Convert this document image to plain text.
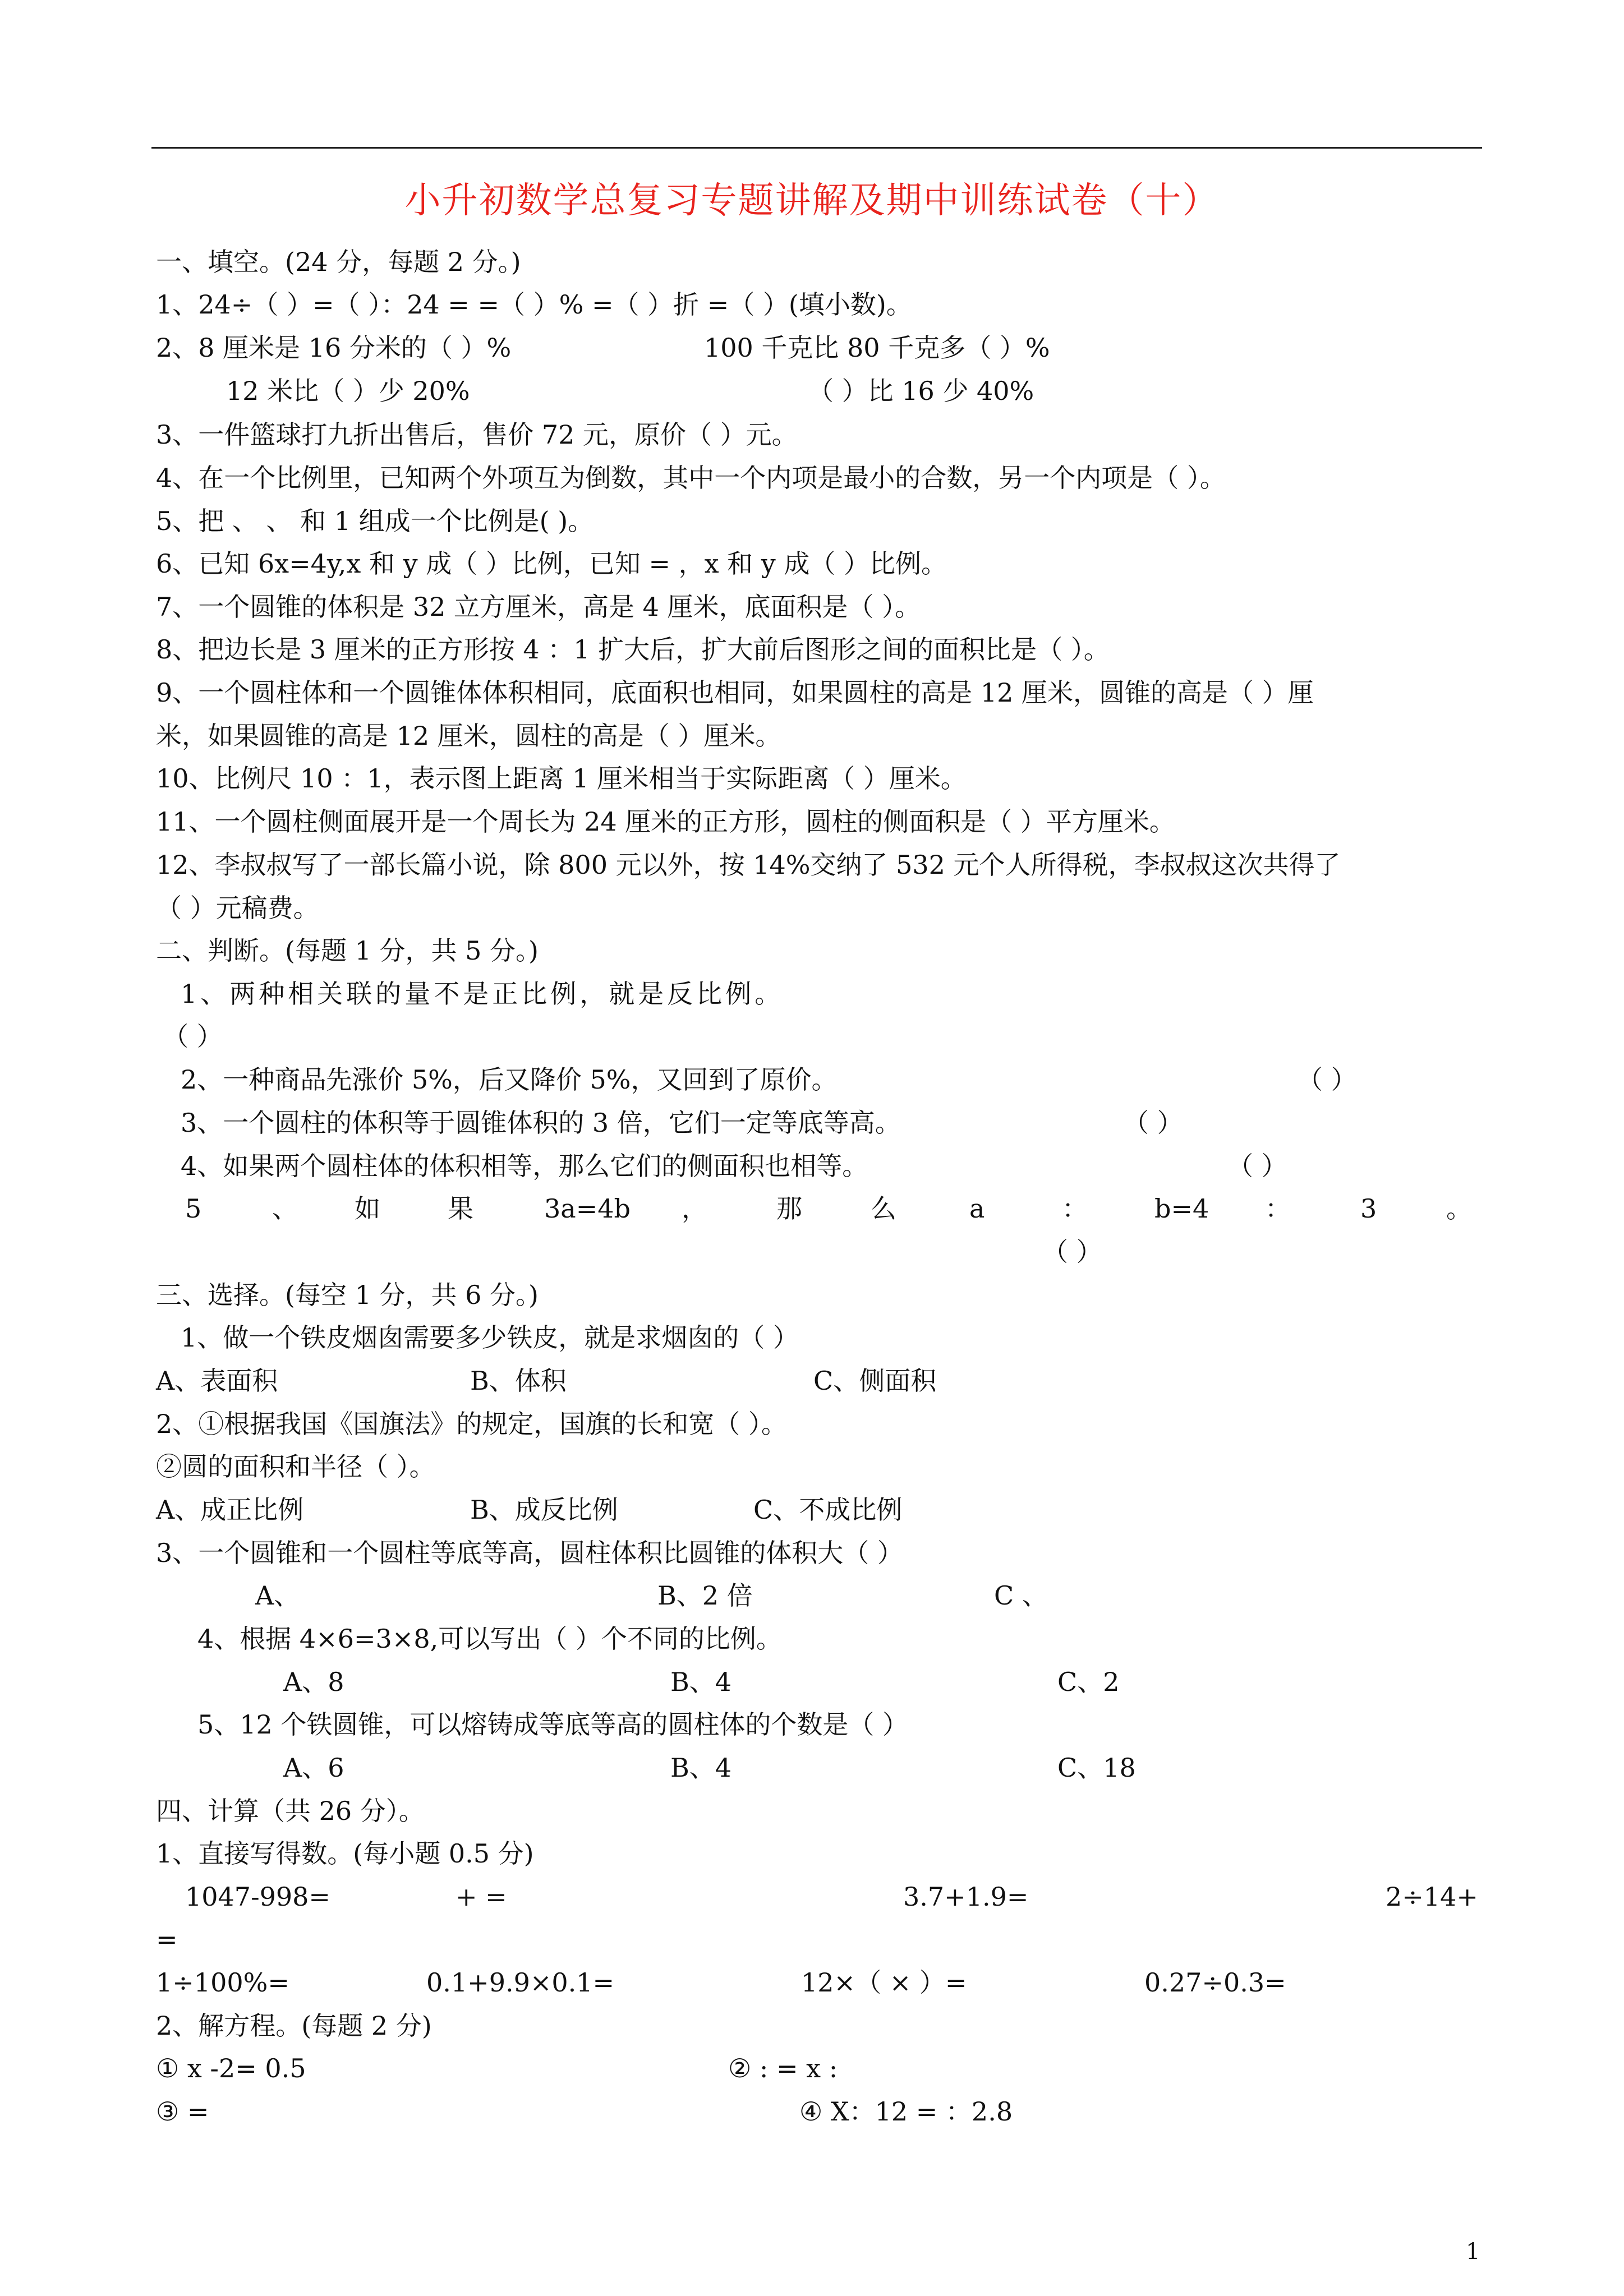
小升初数学总复习专题讲解及期中训练试卷（十）
一、填空。(24 分，每题 2 分。)
1、24÷（ ）=（ ）：24 = =（ ）% =（ ）折 =（ ）(填小数)。
2、8 厘米是 16 分米的（ ）%	100 千克比 80 千克多（ ）%
12 米比（ ）少 20%	（ ）比 16 少 40%
3、一件篮球打九折出售后，售价 72 元，原价（ ）元。
4、在一个比例里，已知两个外项互为倒数，其中一个内项是最小的合数，另一个内项是（ ）。
5、把 、 、 和 1 组成一个比例是( )。
6、已知 6x=4y,x 和 y 成（ ）比例，已知 = ，x 和 y 成（ ）比例。
7、一个圆锥的体积是 32 立方厘米，高是 4 厘米，底面积是（ ）。
8、把边长是 3 厘米的正方形按 4 ：1 扩大后，扩大前后图形之间的面积比是（ ）。
9、一个圆柱体和一个圆锥体体积相同，底面积也相同，如果圆柱的高是 12 厘米，圆锥的高是（ ）厘
米，如果圆锥的高是 12 厘米，圆柱的高是（ ）厘米。
10、比例尺 10 ：1，表示图上距离 1 厘米相当于实际距离（ ）厘米。
11、一个圆柱侧面展开是一个周长为 24 厘米的正方形，圆柱的侧面积是（ ）平方厘米。
12、李叔叔写了一部长篇小说，除 800 元以外，按 14%交纳了 532 元个人所得税，李叔叔这次共得了
（ ）元稿费。
二、判断。(每题 1 分，共 5 分。)
1、两种相关联的量不是正比例，就是反比例。
（ ）
2、一种商品先涨价 5%，后又降价 5%，又回到了原价。	（ ）
3、一个圆柱的体积等于圆锥体积的 3 倍，它们一定等底等高。	（ ）
4、如果两个圆柱体的体积相等，那么它们的侧面积也相等。	（ ）
5	、 如	果	3a=4b ，	那	么	a	：	b=4 ：	3	。
（ ）
三、选择。(每空 1 分，共 6 分。)
1、做一个铁皮烟囱需要多少铁皮，就是求烟囱的（ ）
A、表面积	B、体积	C、侧面积
2、①根据我国《国旗法》的规定，国旗的长和宽（ ）。
②圆的面积和半径（ ）。
A、成正比例	B、成反比例	C、不成比例
3、一个圆锥和一个圆柱等底等高，圆柱体积比圆锥的体积大（ ）
A、	B、2 倍	C 、
4、根据 4×6=3×8,可以写出（ ）个不同的比例。
A、8	B、4	C、2
5、12 个铁圆锥，可以熔铸成等底等高的圆柱体的个数是（ ）
A、6	B、4	C、18
四、计算（共 26 分）。
1、直接写得数。(每小题 0.5 分)
1047-998=	+ =	3.7+1.9=	2÷14+
=
1÷100%=	0.1+9.9×0.1=	12×（ × ）=	0.27÷0.3=
2、解方程。(每题 2 分)
① x -2= 0.5	② : = x :
③ =	④ X：12 = ：2.8
1
